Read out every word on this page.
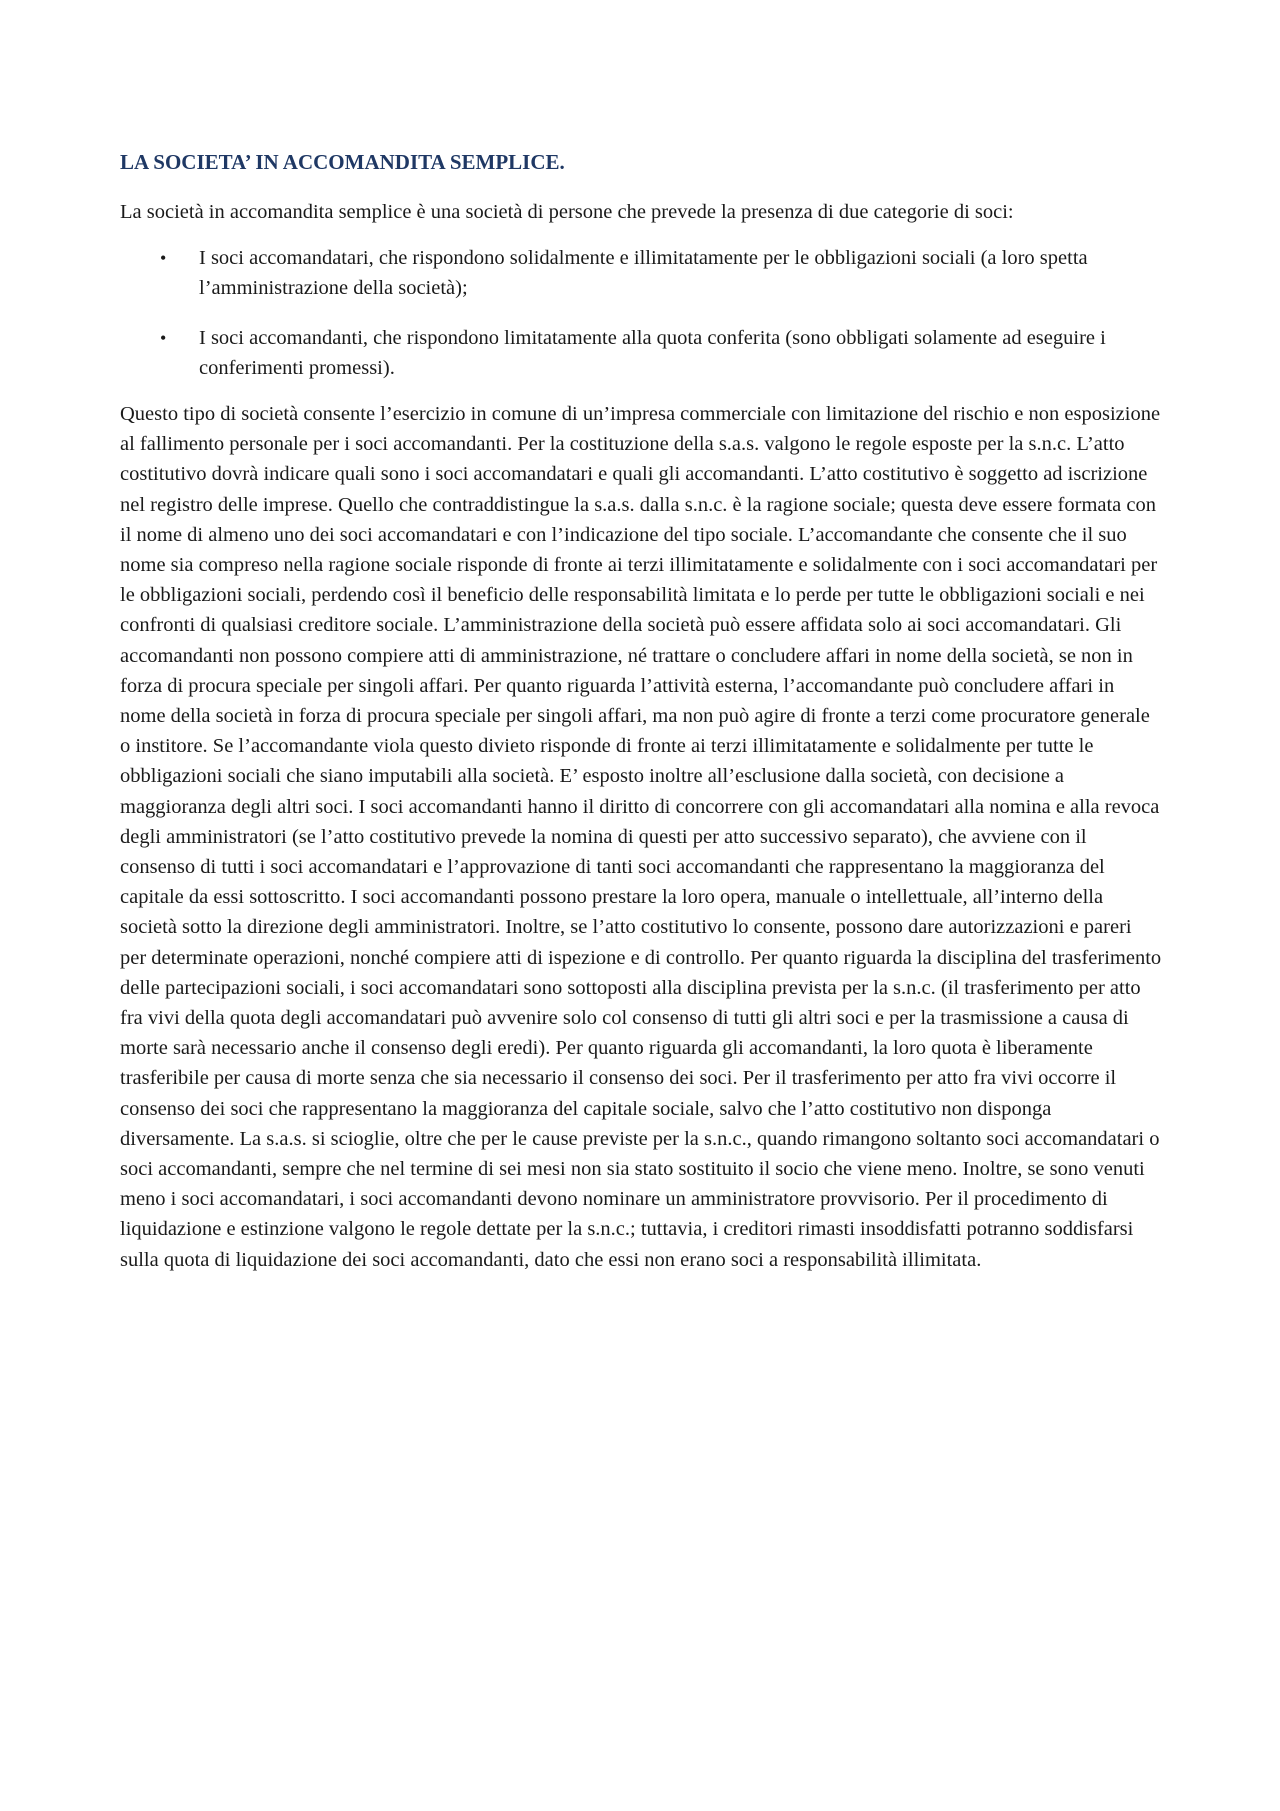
LA SOCIETA’ IN ACCOMANDITA SEMPLICE.

La società in accomandita semplice è una società di persone che prevede la presenza di due categorie di soci:

• I soci accomandatari, che rispondono solidalmente e illimitatamente per le obbligazioni sociali (a loro spetta l’amministrazione della società);
• I soci accomandanti, che rispondono limitatamente alla quota conferita (sono obbligati solamente ad eseguire i conferimenti promessi).

Questo tipo di società consente l’esercizio in comune di un’impresa commerciale con limitazione del rischio e non esposizione al fallimento personale per i soci accomandanti. Per la costituzione della s.a.s. valgono le regole esposte per la s.n.c. L’atto costitutivo dovrà indicare quali sono i soci accomandatari e quali gli accomandanti. L’atto costitutivo è soggetto ad iscrizione nel registro delle imprese. Quello che contraddistingue la s.a.s. dalla s.n.c. è la ragione sociale; questa deve essere formata con il nome di almeno uno dei soci accomandatari e con l’indicazione del tipo sociale. L’accomandante che consente che il suo nome sia compreso nella ragione sociale risponde di fronte ai terzi illimitatamente e solidalmente con i soci accomandatari per le obbligazioni sociali, perdendo così il beneficio delle responsabilità limitata e lo perde per tutte le obbligazioni sociali e nei confronti di qualsiasi creditore sociale. L’amministrazione della società può essere affidata solo ai soci accomandatari. Gli accomandanti non possono compiere atti di amministrazione, né trattare o concludere affari in nome della società, se non in forza di procura speciale per singoli affari. Per quanto riguarda l’attività esterna, l’accomandante può concludere affari in nome della società in forza di procura speciale per singoli affari, ma non può agire di fronte a terzi come procuratore generale o institore. Se l’accomandante viola questo divieto risponde di fronte ai terzi illimitatamente e solidalmente per tutte le obbligazioni sociali che siano imputabili alla società. E’ esposto inoltre all’esclusione dalla società, con decisione a maggioranza degli altri soci. I soci accomandanti hanno il diritto di concorrere con gli accomandatari alla nomina e alla revoca degli amministratori (se l’atto costitutivo prevede la nomina di questi per atto successivo separato), che avviene con il consenso di tutti i soci accomandatari e l’approvazione di tanti soci accomandanti che rappresentano la maggioranza del capitale da essi sottoscritto. I soci accomandanti possono prestare la loro opera, manuale o intellettuale, all’interno della società sotto la direzione degli amministratori. Inoltre, se l’atto costitutivo lo consente, possono dare autorizzazioni e pareri per determinate operazioni, nonché compiere atti di ispezione e di controllo. Per quanto riguarda la disciplina del trasferimento delle partecipazioni sociali, i soci accomandatari sono sottoposti alla disciplina prevista per la s.n.c. (il trasferimento per atto fra vivi della quota degli accomandatari può avvenire solo col consenso di tutti gli altri soci e per la trasmissione a causa di morte sarà necessario anche il consenso degli eredi). Per quanto riguarda gli accomandanti, la loro quota è liberamente trasferibile per causa di morte senza che sia necessario il consenso dei soci. Per il trasferimento per atto fra vivi occorre il consenso dei soci che rappresentano la maggioranza del capitale sociale, salvo che l’atto costitutivo non disponga diversamente. La s.a.s. si scioglie, oltre che per le cause previste per la s.n.c., quando rimangono soltanto soci accomandatari o soci accomandanti, sempre che nel termine di sei mesi non sia stato sostituito il socio che viene meno. Inoltre, se sono venuti meno i soci accomandatari, i soci accomandanti devono nominare un amministratore provvisorio. Per il procedimento di liquidazione e estinzione valgono le regole dettate per la s.n.c.; tuttavia, i creditori rimasti insoddisfatti potranno soddisfarsi sulla quota di liquidazione dei soci accomandanti, dato che essi non erano soci a responsabilità illimitata.
